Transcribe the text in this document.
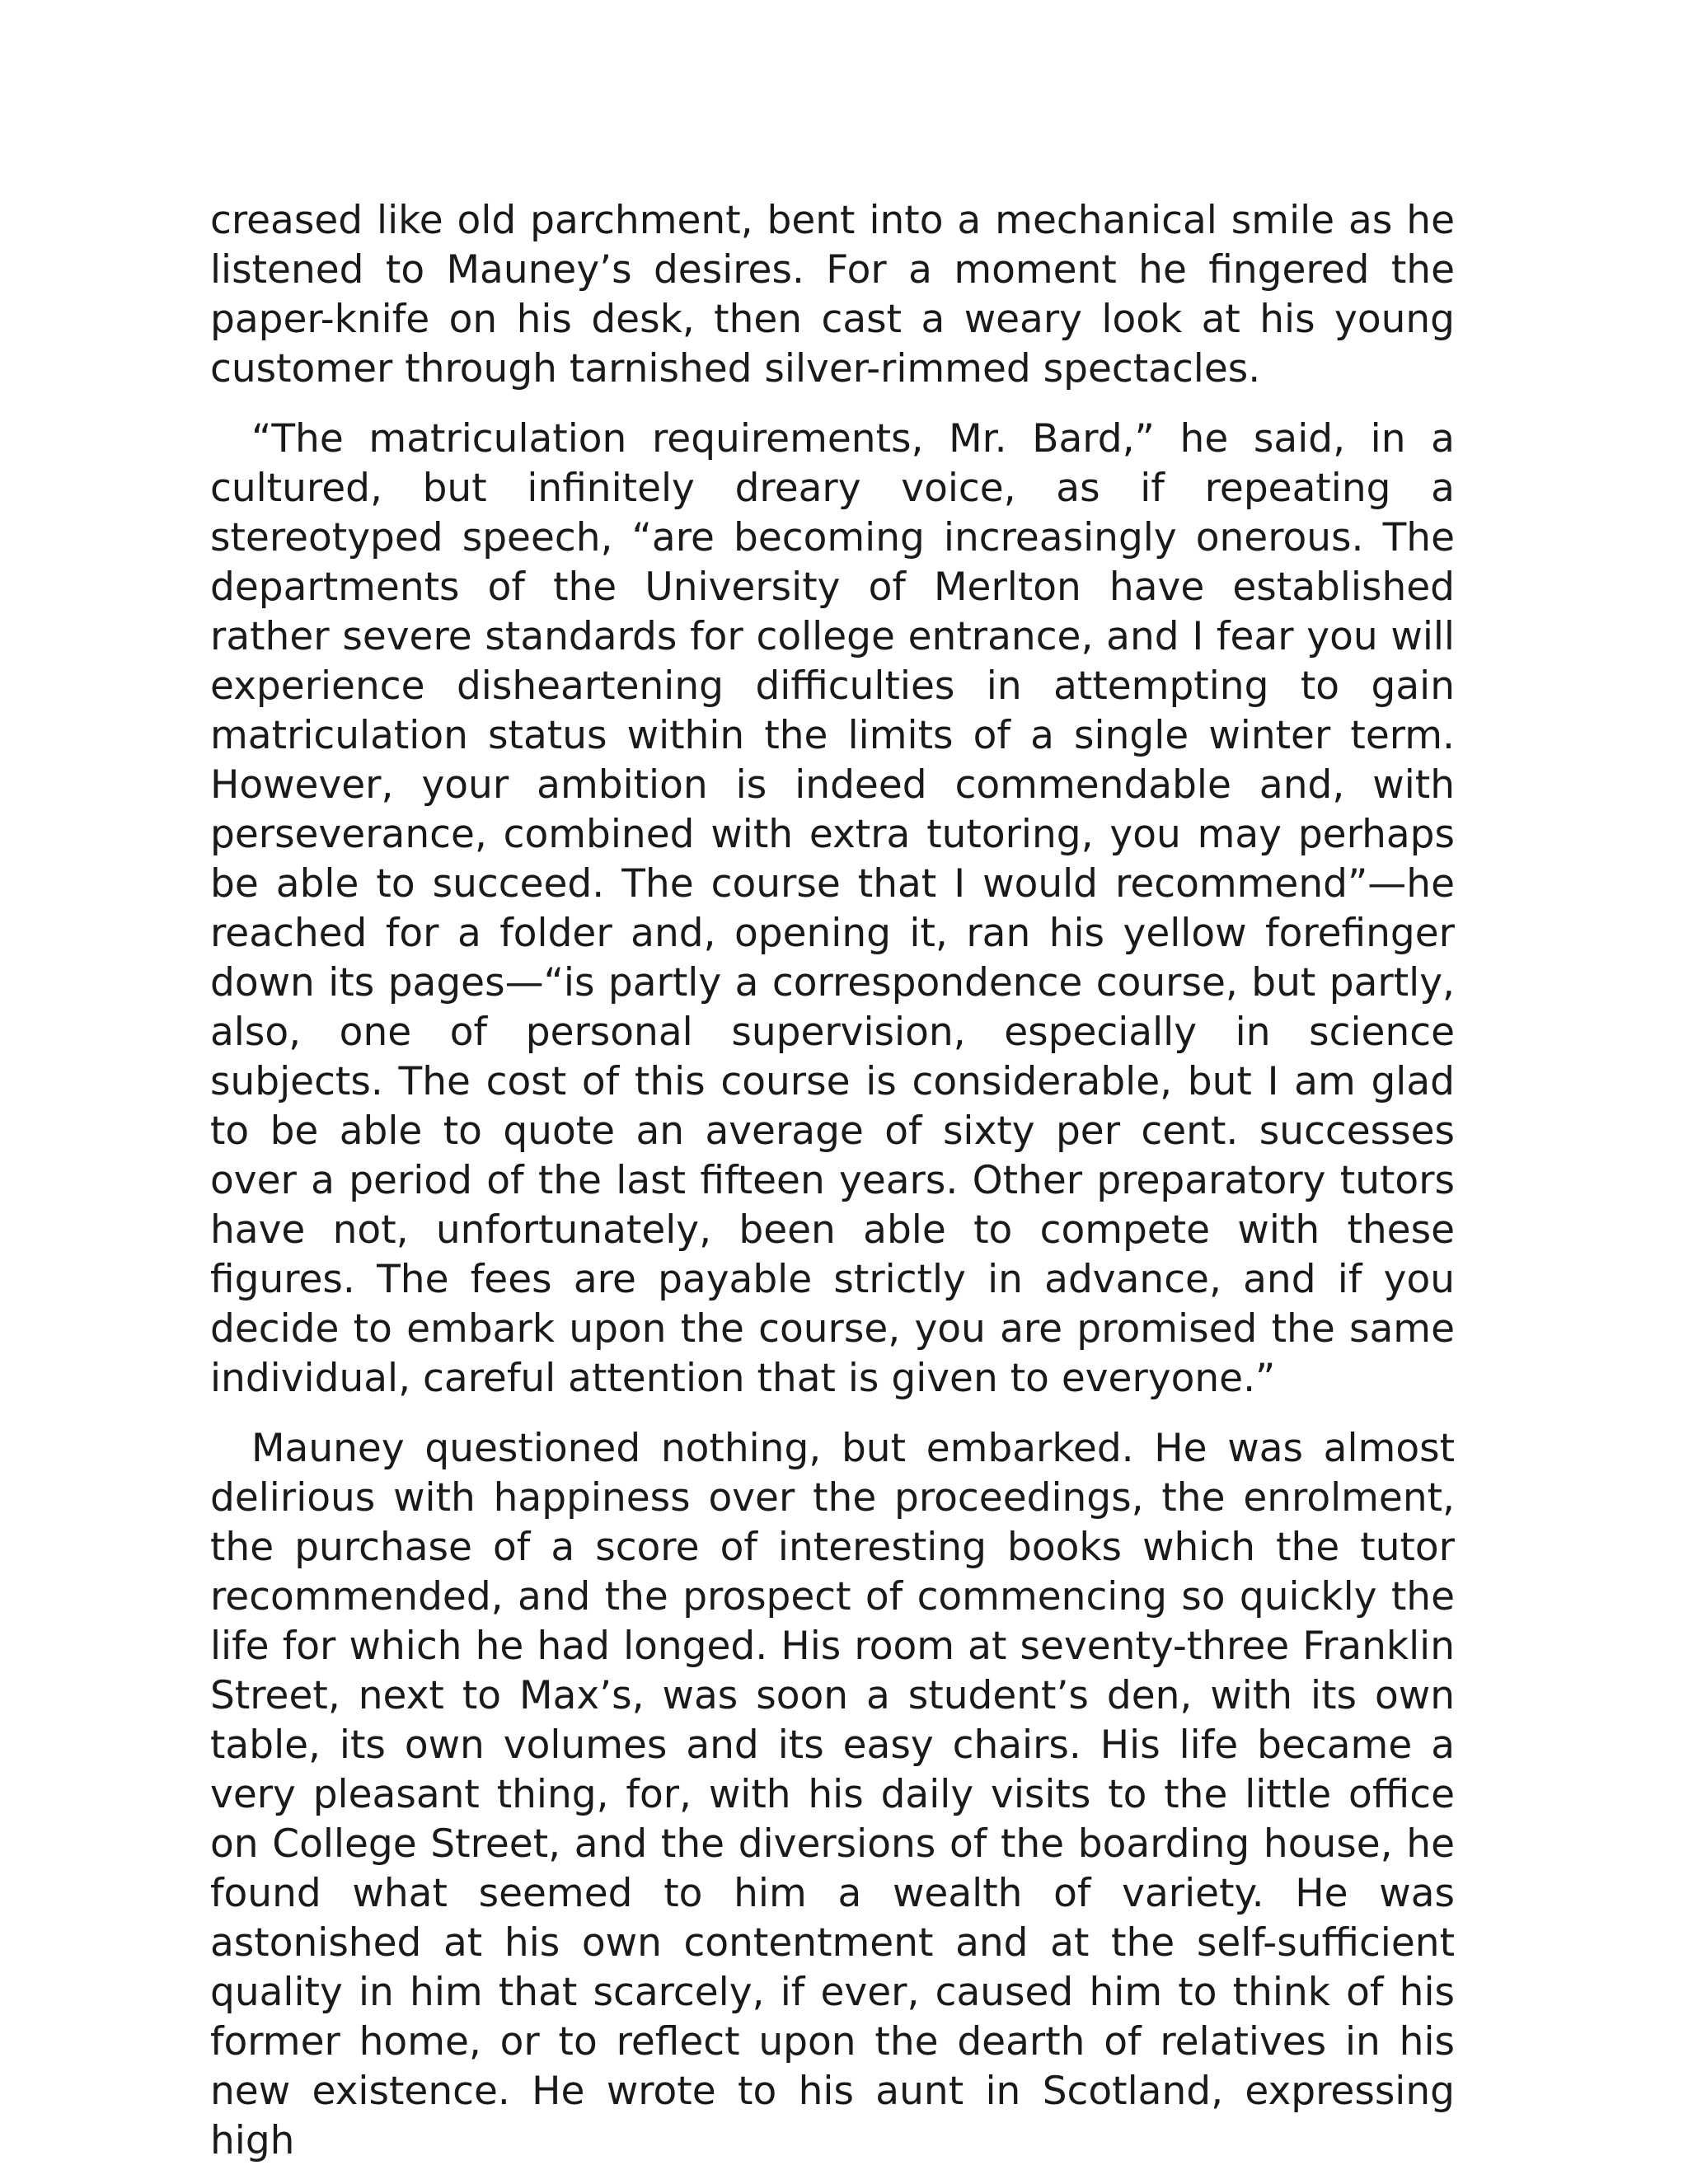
creased like old parchment, bent into a mechanical smile as he listened to Mauney’s desires. For a moment he fingered the paper-knife on his desk, then cast a weary look at his young customer through tarnished silver-rimmed spectacles.

“The matriculation requirements, Mr. Bard,” he said, in a cultured, but infinitely dreary voice, as if repeating a stereotyped speech, “are becoming increasingly onerous. The departments of the University of Merlton have established rather severe standards for college entrance, and I fear you will experience disheartening difficulties in attempting to gain matriculation status within the limits of a single winter term. However, your ambition is indeed commendable and, with perseverance, combined with extra tutoring, you may perhaps be able to succeed. The course that I would recommend”—he reached for a folder and, opening it, ran his yellow forefinger down its pages—“is partly a correspondence course, but partly, also, one of personal supervision, especially in science subjects. The cost of this course is considerable, but I am glad to be able to quote an average of sixty per cent. successes over a period of the last fifteen years. Other preparatory tutors have not, unfortunately, been able to compete with these figures. The fees are payable strictly in advance, and if you decide to embark upon the course, you are promised the same individual, careful attention that is given to everyone.”

Mauney questioned nothing, but embarked. He was almost delirious with happiness over the proceedings, the enrolment, the purchase of a score of interesting books which the tutor recommended, and the prospect of commencing so quickly the life for which he had longed. His room at seventy-three Franklin Street, next to Max’s, was soon a student’s den, with its own table, its own volumes and its easy chairs. His life became a very pleasant thing, for, with his daily visits to the little office on College Street, and the diversions of the boarding house, he found what seemed to him a wealth of variety. He was astonished at his own contentment and at the self-sufficient quality in him that scarcely, if ever, caused him to think of his former home, or to reflect upon the dearth of relatives in his new existence. He wrote to his aunt in Scotland, expressing high
